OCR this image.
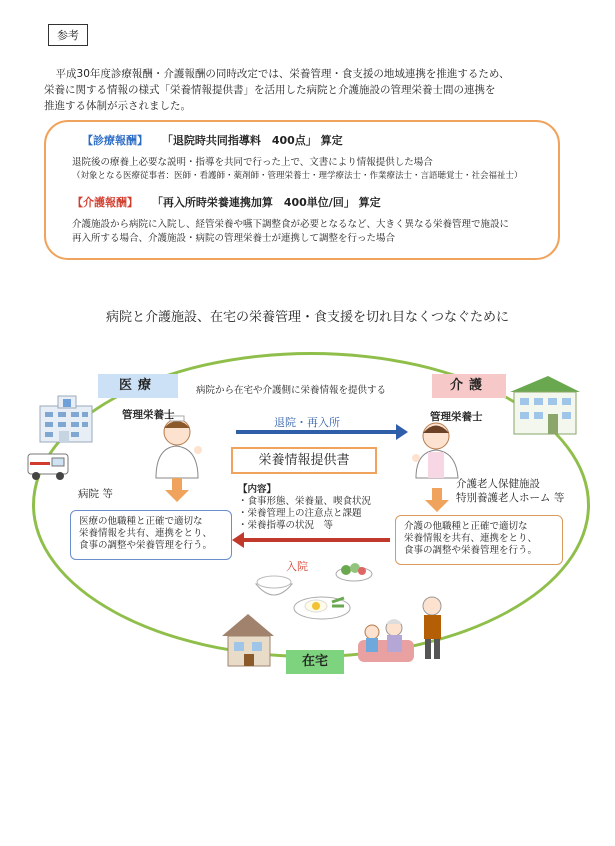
参考

平成30年度診療報酬・介護報酬の同時改定では、栄養管理・食支援の地域連携を推進するため、

栄養に関する情報の様式「栄養情報提供書」を活用した病院と介護施設の管理栄養士間の連携を

推進する体制が示されました。

【診療報酬】 「退院時共同指導料　400点」 算定
退院後の療養上必要な説明・指導を共同で行った上で、文書により情報提供した場合
（対象となる医療従事者：医師・看護師・薬剤師・管理栄養士・理学療法士・作業療法士・言語聴覚士・社会福祉士）
【介護報酬】 「再入所時栄養連携加算　400単位/回」 算定
介護施設から病院に入院し、経管栄養や嚥下調整食が必要となるなど、大きく異なる栄養管理で施設に
再入所する場合、介護施設・病院の管理栄養士が連携して調整を行った場合
病院と介護施設、在宅の栄養管理・食支援を切れ目なくつなぐために
医療	介護
在宅
病院から在宅や介護側に栄養情報を提供する
管理栄養士	管理栄養士
退院・再入所
栄養情報提供書
病院 等
介護老人保健施設
特別養護老人ホーム 等
【内容】
・食事形態、栄養量、喫食状況
・栄養管理上の注意点と課題
・栄養指導の状況　等
医療の他職種と正確で適切な
栄養情報を共有、連携をとり、
食事の調整や栄養管理を行う。
介護の他職種と正確で適切な
栄養情報を共有、連携をとり、
食事の調整や栄養管理を行う。
入院
